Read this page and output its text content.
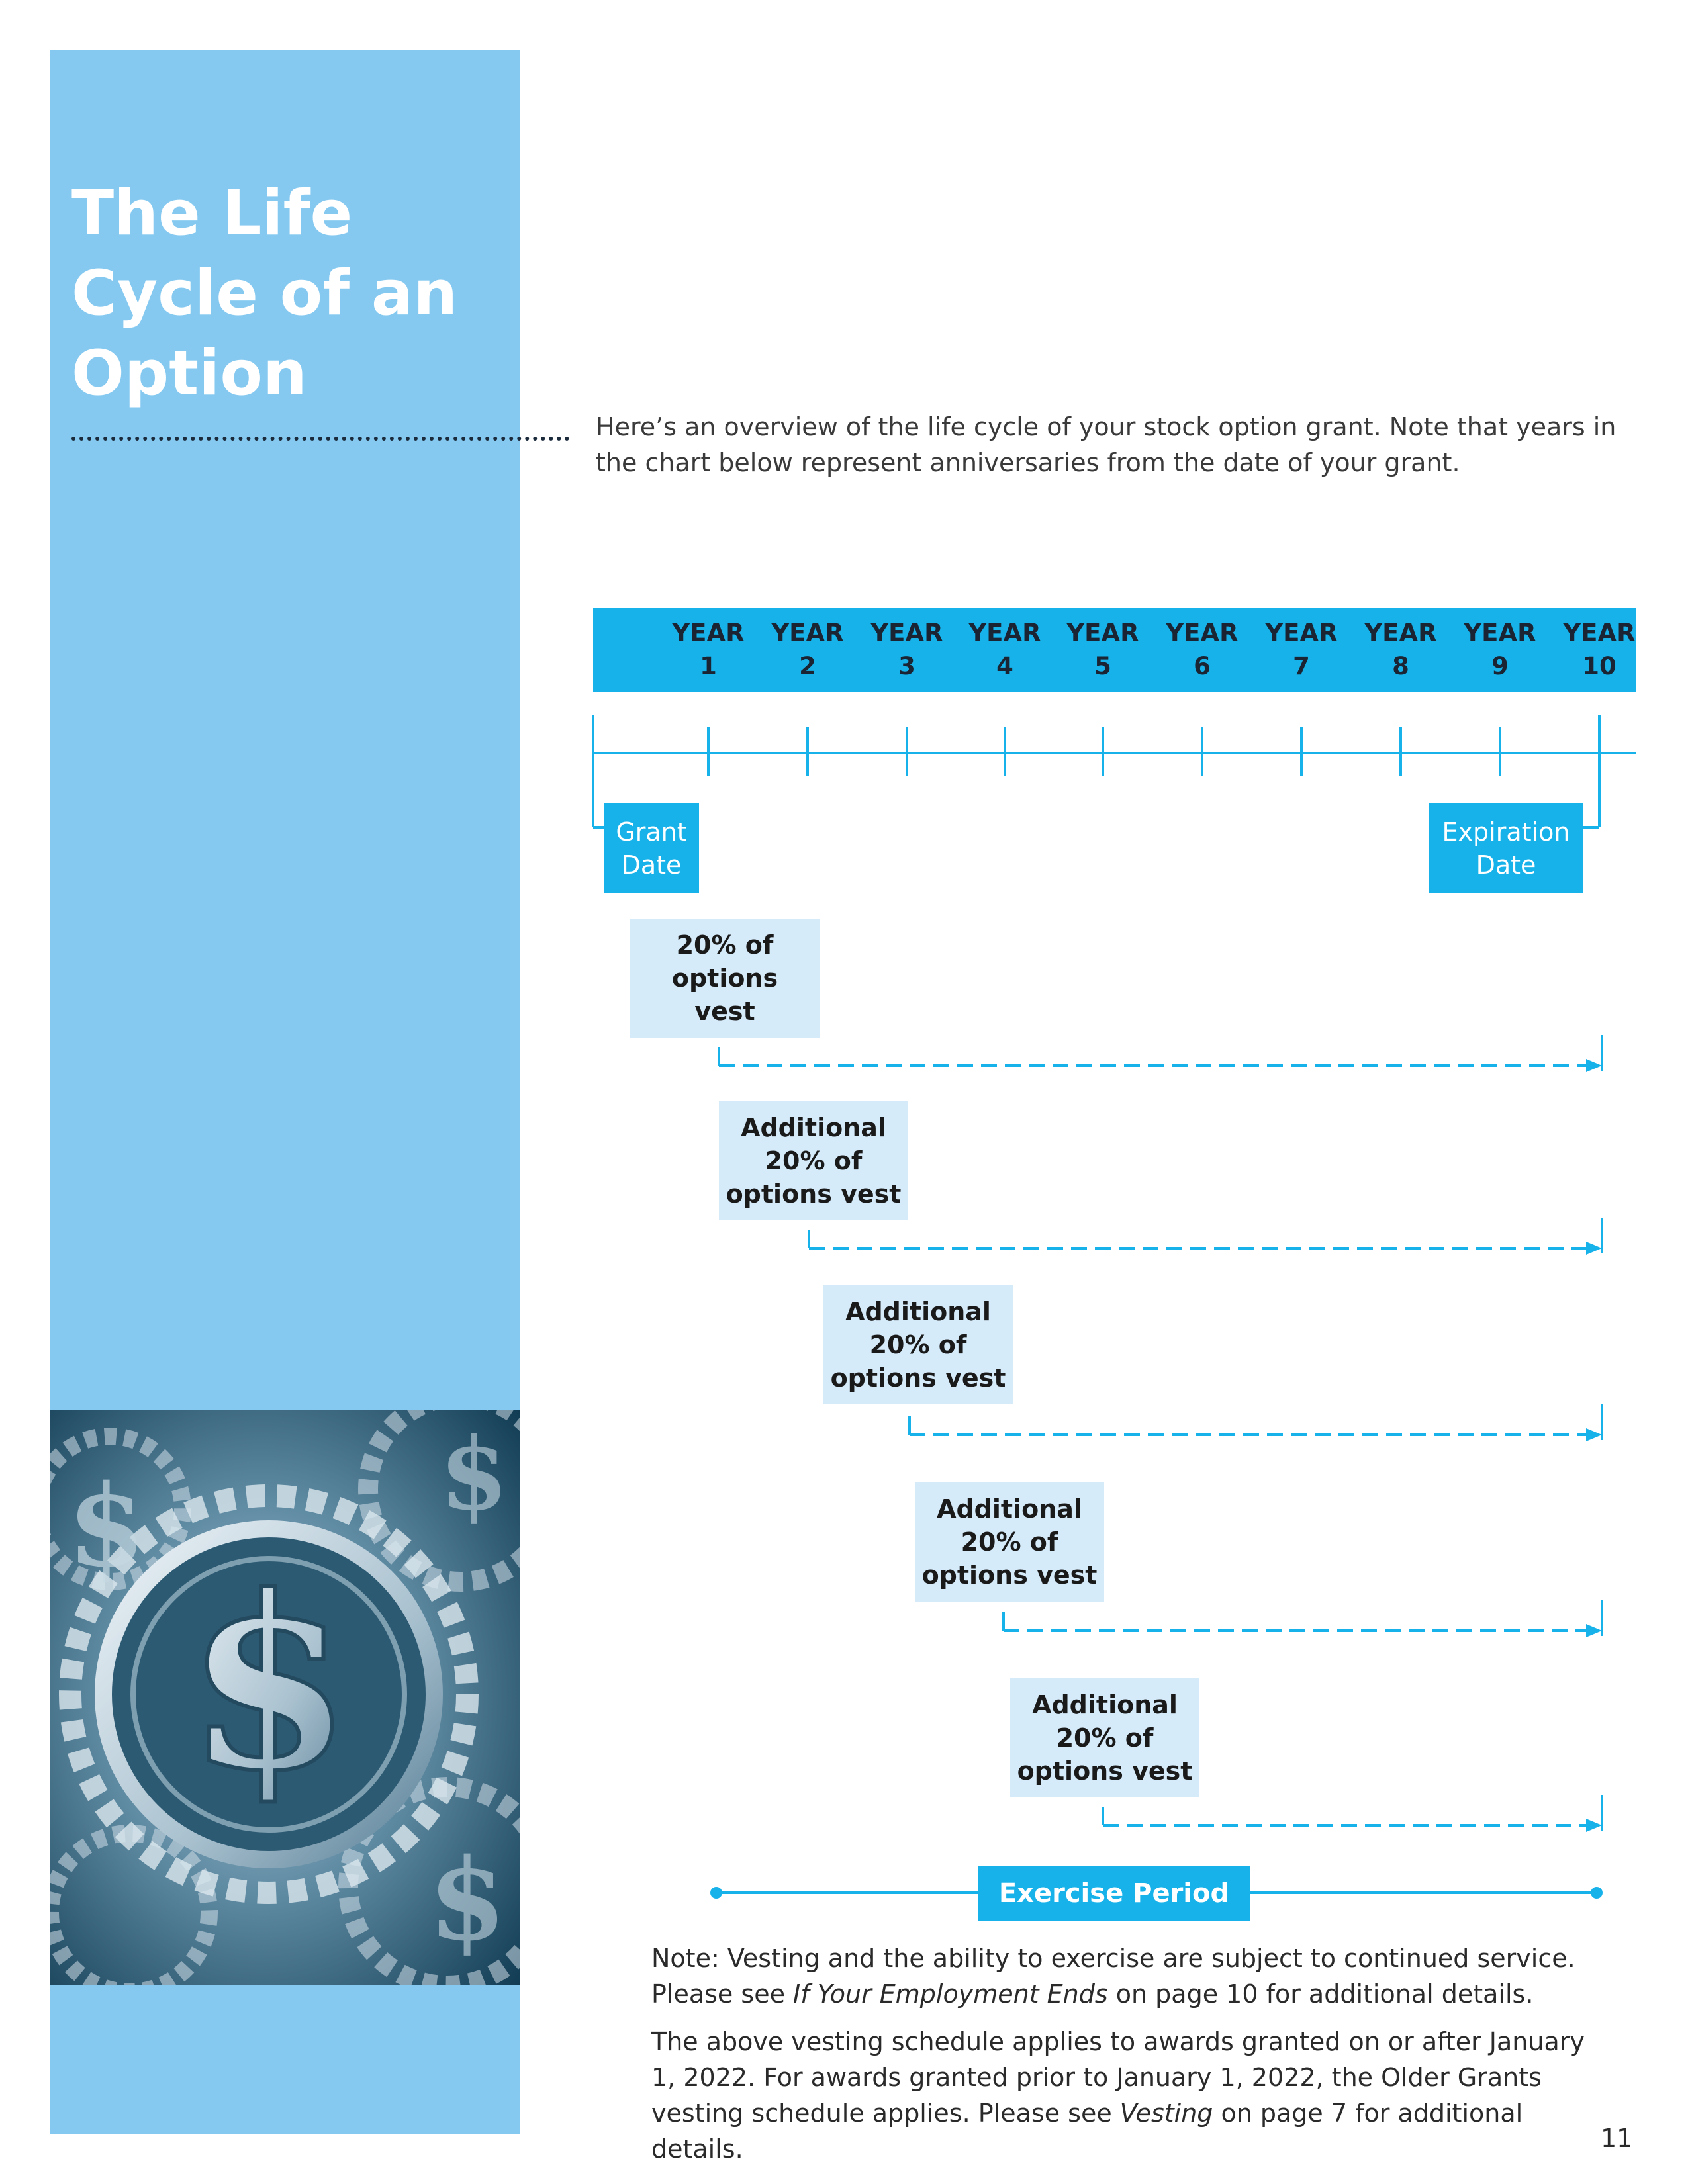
The Life Cycle of an Option
$
$	$
$

Here’s an overview of the life cycle of your stock option grant. Note that years in the chart below represent anniversaries from the date of your grant.

YEAR
1
YEAR
2
YEAR
3
YEAR
4
YEAR
5
YEAR
6
YEAR
7
YEAR
8
YEAR
9
YEAR
10
Grant
Date
Expiration
Date
20% of
options
vest
Additional
20% of
options vest
Additional
20% of
options vest
Additional
20% of
options vest
Additional
20% of
options vest
Exercise Period

Note: Vesting and the ability to exercise are subject to continued service. Please see If Your Employment Ends on page 10 for additional details.

The above vesting schedule applies to awards granted on or after January 1, 2022. For awards granted prior to January 1, 2022, the Older Grants vesting schedule applies. Please see Vesting on page 7 for additional details.	11
